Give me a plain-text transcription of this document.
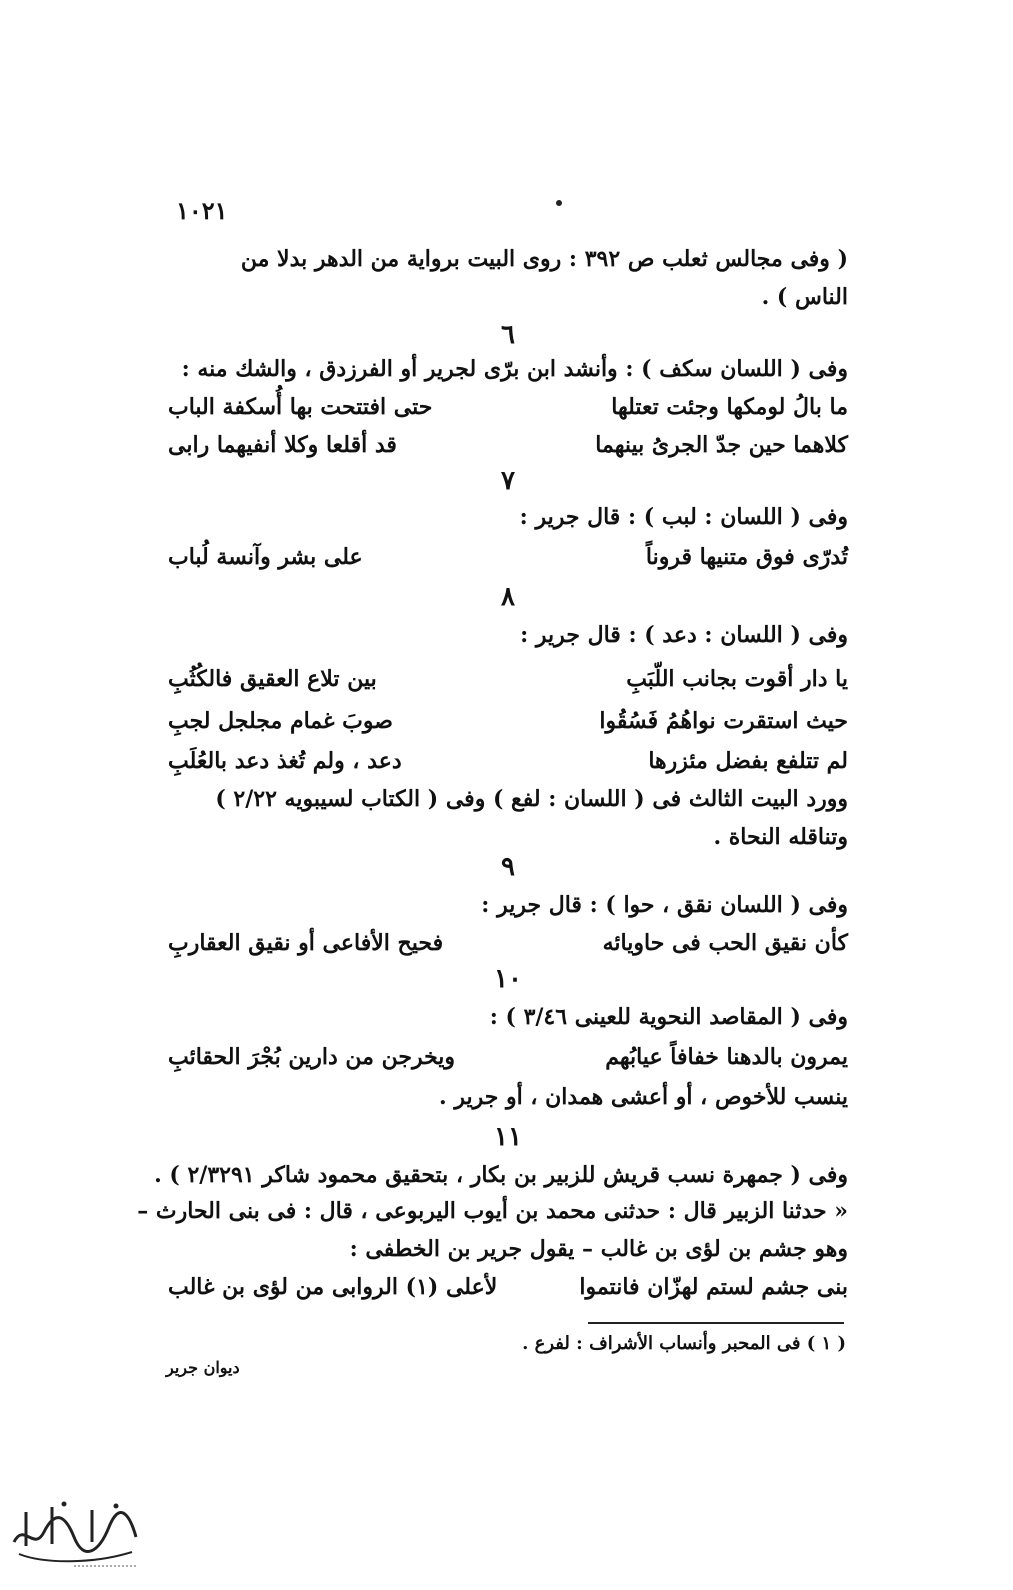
١٠٢١
( وفى مجالس ثعلب ص ٣٩٢ : روى البيت برواية من الدهر بدلا من
الناس ) .
٦
وفى ( اللسان سكف ) : وأنشد ابن برّى لجرير أو الفرزدق ، والشك منه :
ما بالُ لومكها وجئت تعتلها
حتى افتتحت بها أُسكفة الباب
كلاهما حين جدّ الجرىُ بينهما
قد أقلعا وكلا أنفيهما رابى
٧
وفى ( اللسان : لبب ) : قال جرير :
تُدرّى فوق متنيها قروناً
على بشر وآنسة لُباب
٨
وفى ( اللسان : دعد ) : قال جرير :
يا دار أقوت بجانب اللّبَبِ
بين تلاع العقيق فالكُثُبِ
حيث استقرت نواهُمُ فَسُقُوا
صوبَ غمام مجلجل لجبِ
لم تتلفع بفضل مئزرها
دعد ، ولم تُغذ دعد بالعُلَبِ
وورد البيت الثالث فى ( اللسان : لفع ) وفى ( الكتاب لسيبويه ٢/٢٢ )
وتناقله النحاة .
٩
وفى ( اللسان نقق ، حوا ) : قال جرير :
كأن نقيق الحب فى حاويائه
فحيح الأفاعى أو نقيق العقاربِ
١٠
وفى ( المقاصد النحوية للعينى ٣/٤٦ ) :
يمرون بالدهنا خفافاً عيابُهم
ويخرجن من دارين بُجْرَ الحقائبِ
ينسب للأخوص ، أو أعشى همدان ، أو جرير .
١١
وفى ( جمهرة نسب قريش للزبير بن بكار ، بتحقيق محمود شاكر ٢/٣٢٩١ ) .
« حدثنا الزبير قال : حدثنى محمد بن أيوب اليربوعى ، قال : فى بنى الحارث –
وهو جشم بن لؤى بن غالب – يقول جرير بن الخطفى :
بنى جشم لستم لهزّان فانتموا
لأعلى (١) الروابى من لؤى بن غالب
( ١ ) فى المحبر وأنساب الأشراف : لفرع .
ديوان جرير
